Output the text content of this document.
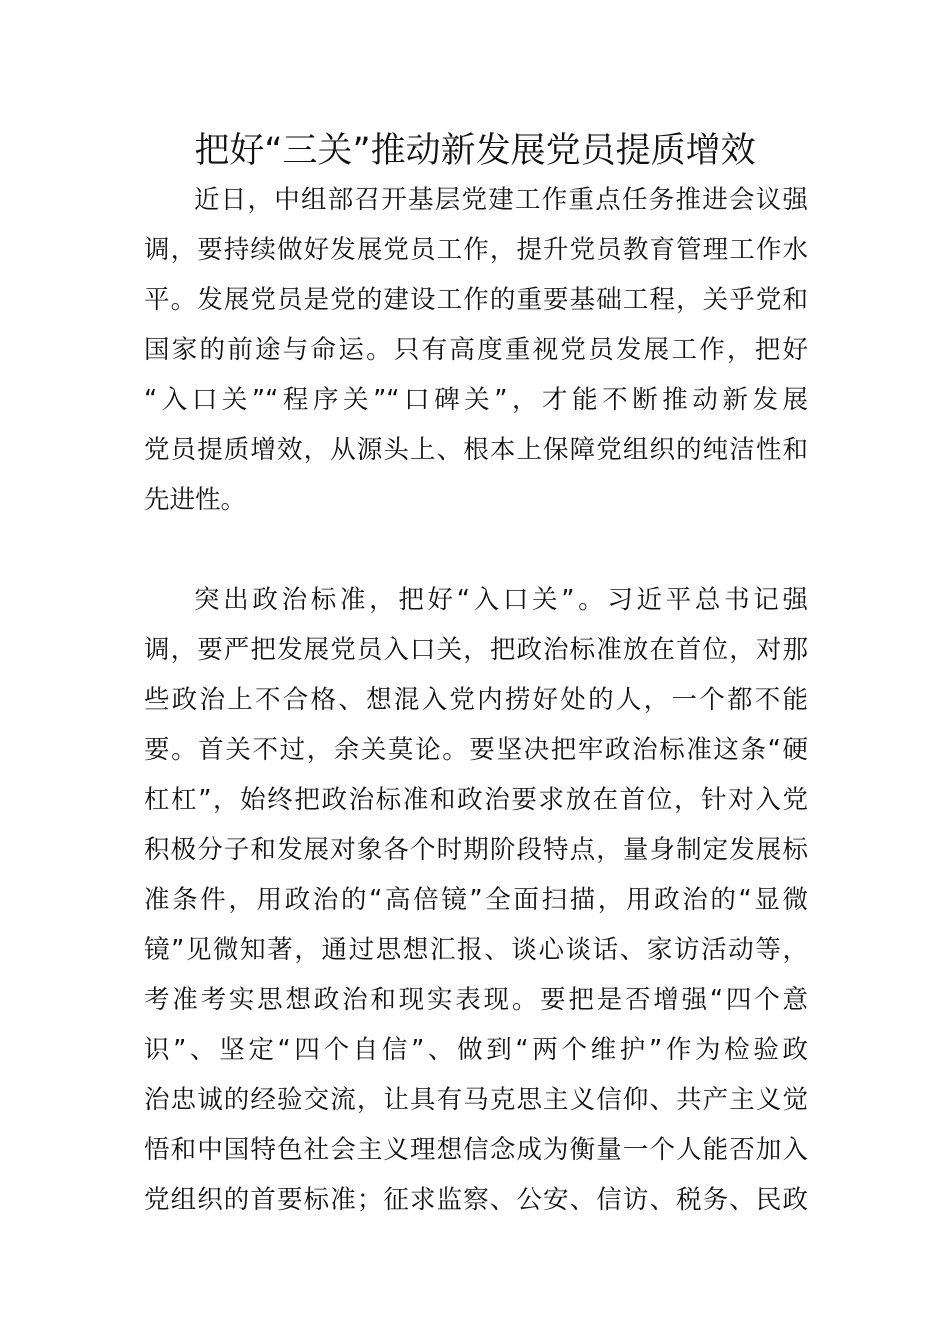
把好“三关”推动新发展党员提质增效

近日，中组部召开基层党建工作重点任务推进会议强

调，要持续做好发展党员工作，提升党员教育管理工作水

平。发展党员是党的建设工作的重要基础工程，关乎党和

国家的前途与命运。只有高度重视党员发展工作，把好

“入口关”“程序关”“口碑关”，才能不断推动新发展

党员提质增效，从源头上、根本上保障党组织的纯洁性和

先进性。

突出政治标准，把好“入口关”。习近平总书记强

调，要严把发展党员入口关，把政治标准放在首位，对那

些政治上不合格、想混入党内捞好处的人，一个都不能

要。首关不过，余关莫论。要坚决把牢政治标准这条“硬

杠杠”，始终把政治标准和政治要求放在首位，针对入党

积极分子和发展对象各个时期阶段特点，量身制定发展标

准条件，用政治的“高倍镜”全面扫描，用政治的“显微

镜”见微知著，通过思想汇报、谈心谈话、家访活动等，

考准考实思想政治和现实表现。要把是否增强“四个意

识”、坚定“四个自信”、做到“两个维护”作为检验政

治忠诚的经验交流，让具有马克思主义信仰、共产主义觉

悟和中国特色社会主义理想信念成为衡量一个人能否加入

党组织的首要标准；征求监察、公安、信访、税务、民政
